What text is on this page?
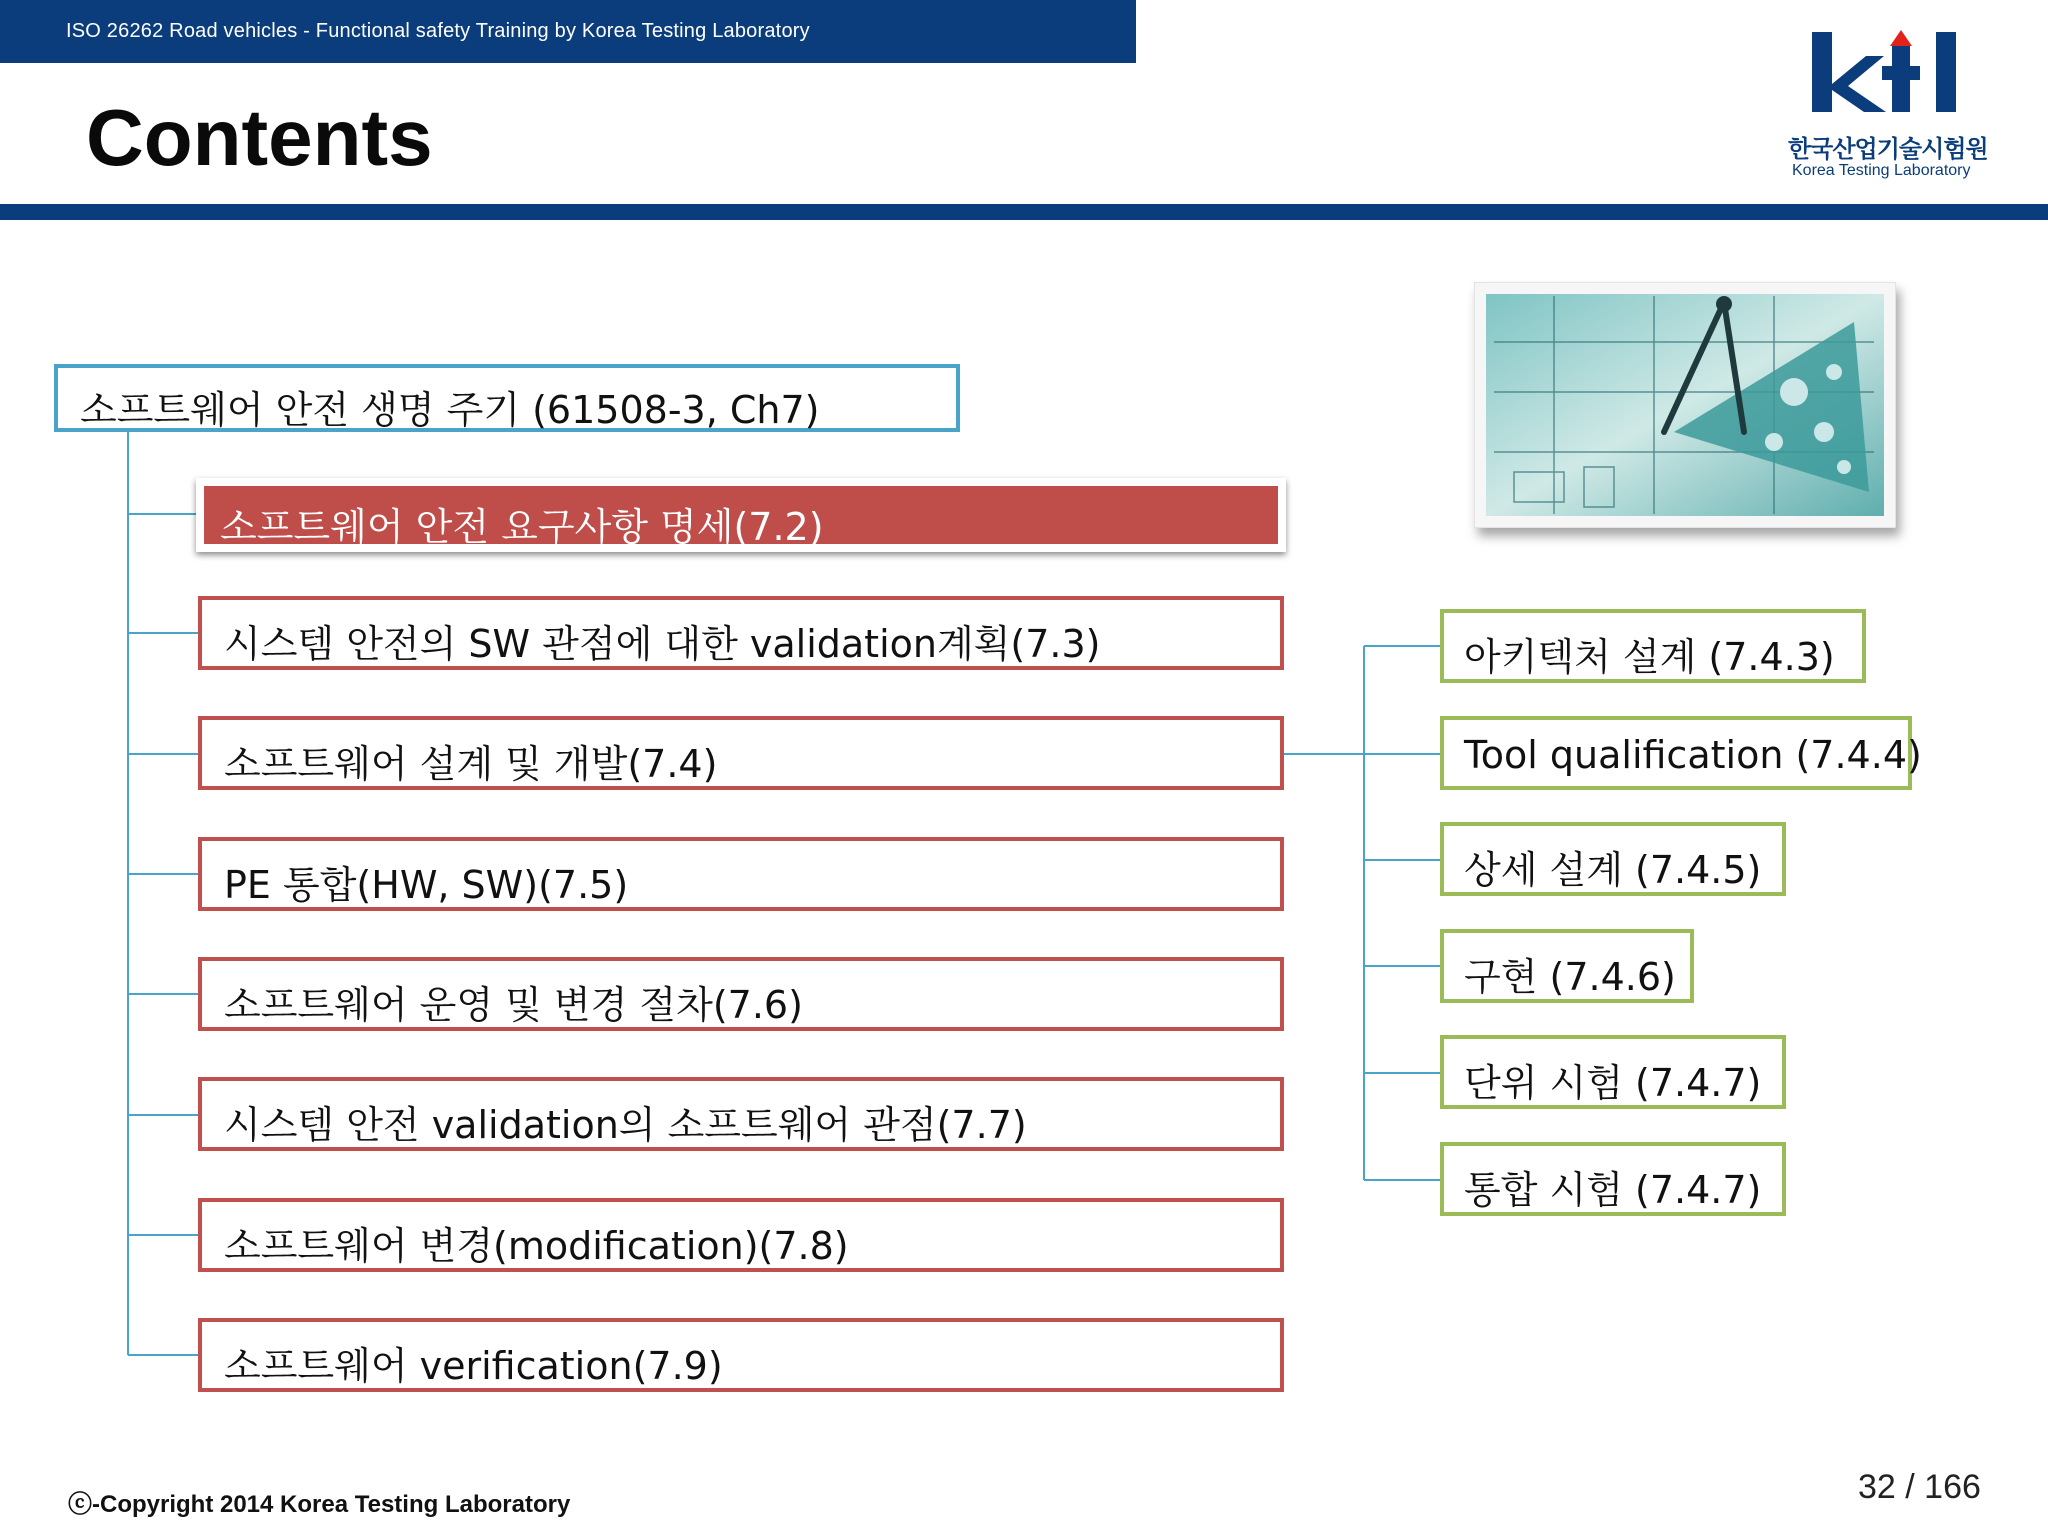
ISO 26262 Road vehicles - Functional safety Training by Korea Testing Laboratory
Contents	한국산업기술시험원
Korea Testing Laboratory
소프트웨어 안전 생명 주기 (61508-3, Ch7)
소프트웨어 안전 요구사항 명세(7.2)
시스템 안전의 SW 관점에 대한 validation계획(7.3)
소프트웨어 설계 및 개발(7.4)
PE 통합(HW, SW)(7.5)
소프트웨어 운영 및 변경 절차(7.6)
시스템 안전 validation의 소프트웨어 관점(7.7)
소프트웨어 변경(modification)(7.8)
소프트웨어 verification(7.9)
아키텍처 설계 (7.4.3)
Tool qualification (7.4.4)
상세 설계 (7.4.5)
구현 (7.4.6)
단위 시험 (7.4.7)
통합 시험 (7.4.7)
ⓒ-Copyright 2014 Korea Testing Laboratory	32 / 166
